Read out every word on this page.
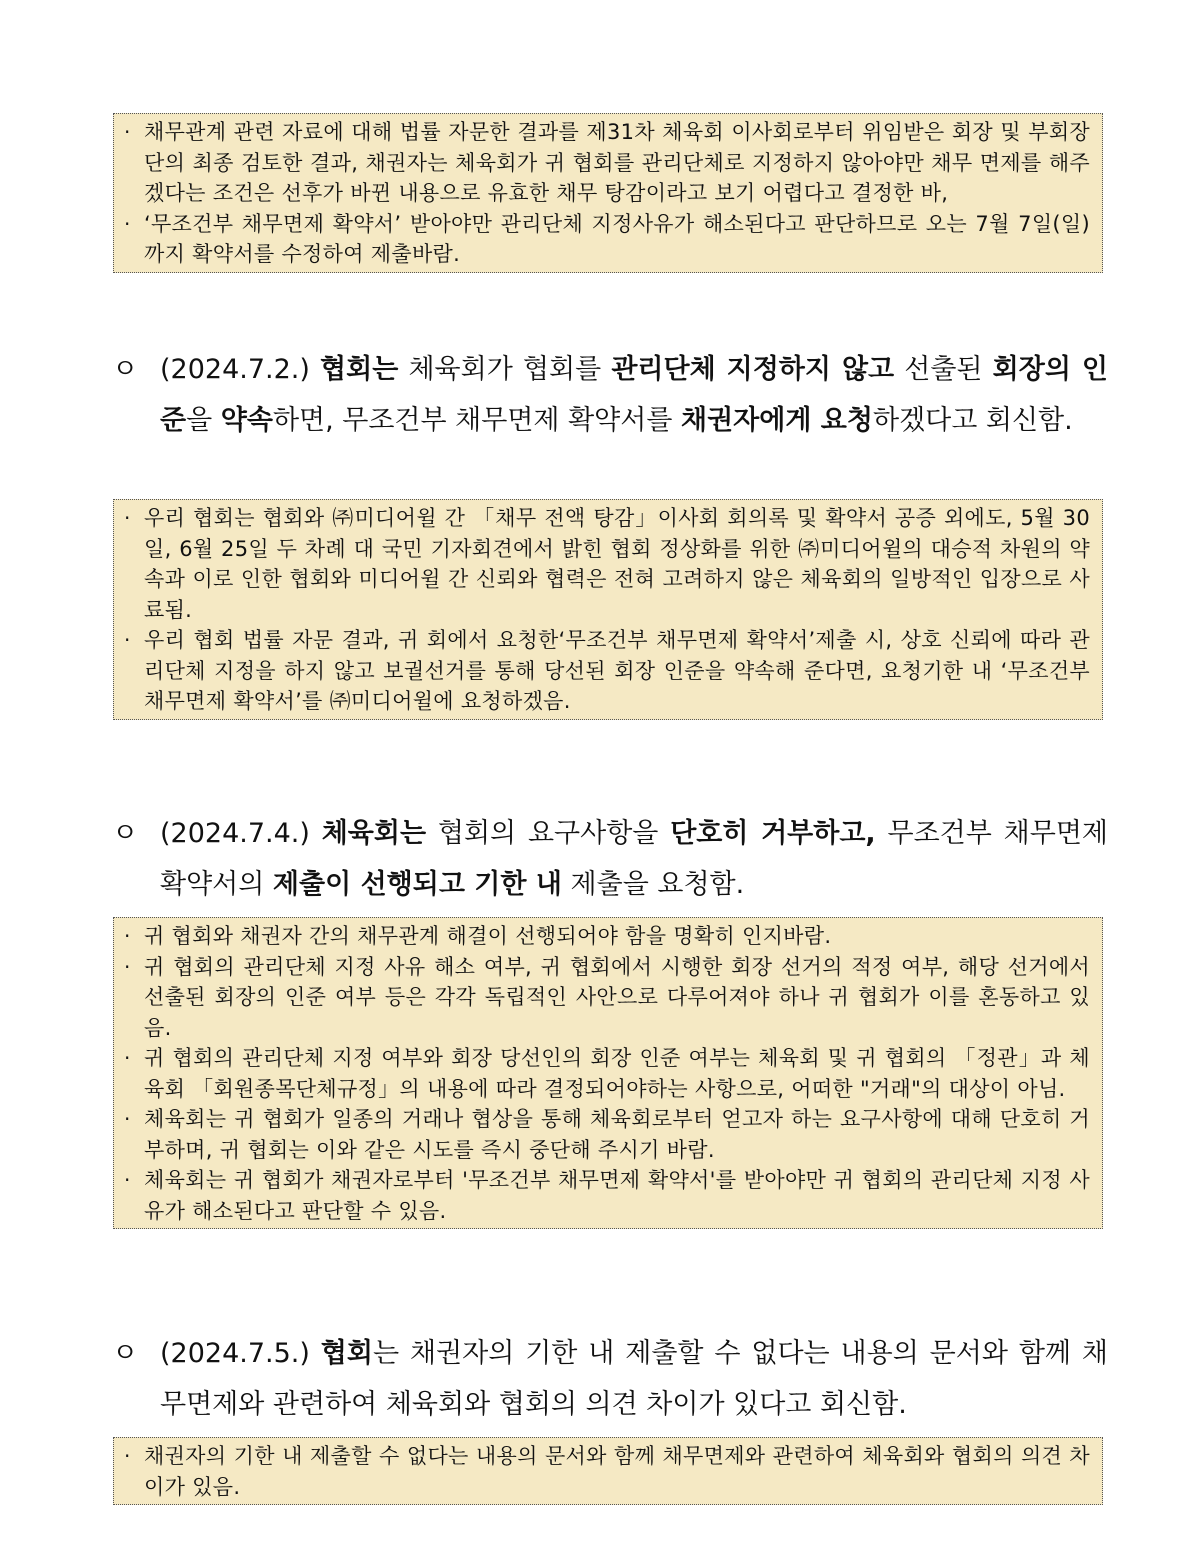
· 채무관계 관련 자료에 대해 법률 자문한 결과를 제31차 체육회 이사회로부터 위임받은 회장 및 부회장단의 최종 검토한 결과, 채권자는 체육회가 귀 협회를 관리단체로 지정하지 않아야만 채무 면제를 해주겠다는 조건은 선후가 바뀐 내용으로 유효한 채무 탕감이라고 보기 어렵다고 결정한 바,
· ‘무조건부 채무면제 확약서’ 받아야만 관리단체 지정사유가 해소된다고 판단하므로 오는 7월 7일(일)까지 확약서를 수정하여 제출바람.
ㅇ (2024.7.2.) 협회는 체육회가 협회를 관리단체 지정하지 않고 선출된 회장의 인준을 약속하면, 무조건부 채무면제 확약서를 채권자에게 요청하겠다고 회신함.
· 우리 협회는 협회와 ㈜미디어윌 간 「채무 전액 탕감」이사회 회의록 및 확약서 공증 외에도, 5월 30일, 6월 25일 두 차례 대 국민 기자회견에서 밝힌 협회 정상화를 위한 ㈜미디어윌의 대승적 차원의 약속과 이로 인한 협회와 미디어윌 간 신뢰와 협력은 전혀 고려하지 않은 체육회의 일방적인 입장으로 사료됨.
· 우리 협회 법률 자문 결과, 귀 회에서 요청한‘무조건부 채무면제 확약서’제출 시, 상호 신뢰에 따라 관리단체 지정을 하지 않고 보궐선거를 통해 당선된 회장 인준을 약속해 준다면, 요청기한 내 ‘무조건부 채무면제 확약서’를 ㈜미디어윌에 요청하겠음.
ㅇ (2024.7.4.) 체육회는 협회의 요구사항을 단호히 거부하고, 무조건부 채무면제 확약서의 제출이 선행되고 기한 내 제출을 요청함.
· 귀 협회와 채권자 간의 채무관계 해결이 선행되어야 함을 명확히 인지바람.
· 귀 협회의 관리단체 지정 사유 해소 여부, 귀 협회에서 시행한 회장 선거의 적정 여부, 해당 선거에서 선출된 회장의 인준 여부 등은 각각 독립적인 사안으로 다루어져야 하나 귀 협회가 이를 혼동하고 있음.
· 귀 협회의 관리단체 지정 여부와 회장 당선인의 회장 인준 여부는 체육회 및 귀 협회의 「정관」과 체육회 「회원종목단체규정」의 내용에 따라 결정되어야하는 사항으로, 어떠한 "거래"의 대상이 아님.
· 체육회는 귀 협회가 일종의 거래나 협상을 통해 체육회로부터 얻고자 하는 요구사항에 대해 단호히 거부하며, 귀 협회는 이와 같은 시도를 즉시 중단해 주시기 바람.
· 체육회는 귀 협회가 채권자로부터 '무조건부 채무면제 확약서'를 받아야만 귀 협회의 관리단체 지정 사유가 해소된다고 판단할 수 있음.
ㅇ (2024.7.5.) 협회는 채권자의 기한 내 제출할 수 없다는 내용의 문서와 함께 채무면제와 관련하여 체육회와 협회의 의견 차이가 있다고 회신함.
· 채권자의 기한 내 제출할 수 없다는 내용의 문서와 함께 채무면제와 관련하여 체육회와 협회의 의견 차이가 있음.
